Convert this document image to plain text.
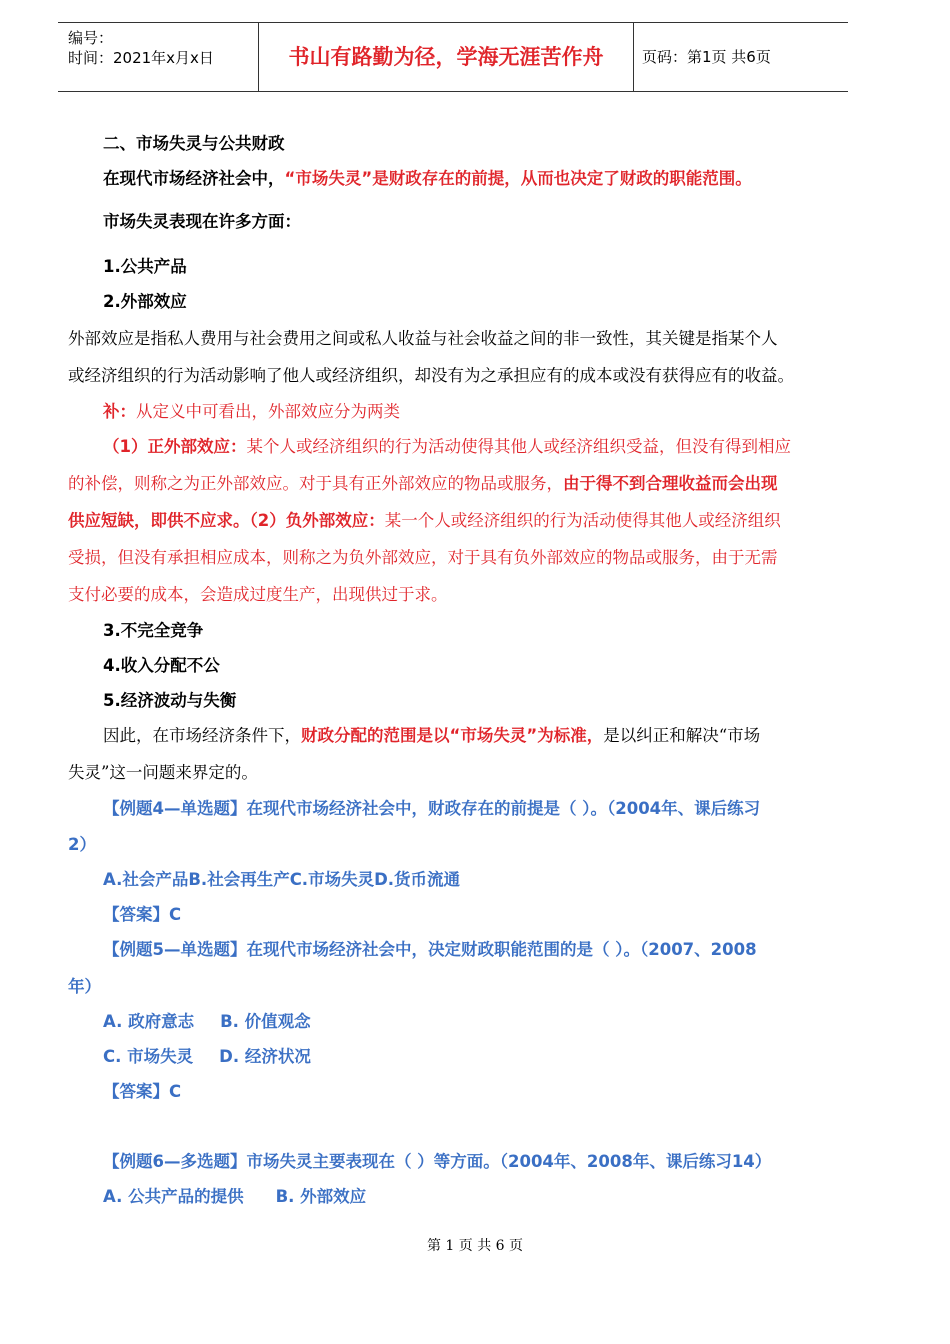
编号：
时间：2021年x月x日	书山有路勤为径，学海无涯苦作舟	页码：第1页 共6页
二、市场失灵与公共财政
在现代市场经济社会中，“市场失灵”是财政存在的前提，从而也决定了财政的职能范围。
市场失灵表现在许多方面：
1.公共产品
2.外部效应
外部效应是指私人费用与社会费用之间或私人收益与社会收益之间的非一致性，其关键是指某个人
或经济组织的行为活动影响了他人或经济组织，却没有为之承担应有的成本或没有获得应有的收益。
补：从定义中可看出，外部效应分为两类
（1）正外部效应：某个人或经济组织的行为活动使得其他人或经济组织受益，但没有得到相应
的补偿，则称之为正外部效应。对于具有正外部效应的物品或服务，由于得不到合理收益而会出现
供应短缺，即供不应求。（2）负外部效应：某一个人或经济组织的行为活动使得其他人或经济组织
受损，但没有承担相应成本，则称之为负外部效应，对于具有负外部效应的物品或服务，由于无需
支付必要的成本，会造成过度生产，出现供过于求。
3.不完全竞争
4.收入分配不公
5.经济波动与失衡
因此，在市场经济条件下，财政分配的范围是以“市场失灵”为标准，是以纠正和解决“市场
失灵”这一问题来界定的。
【例题4—单选题】在现代市场经济社会中，财政存在的前提是（ ）。（2004年、课后练习
2）
A.社会产品B.社会再生产C.市场失灵D.货币流通
【答案】C
【例题5—单选题】在现代市场经济社会中，决定财政职能范围的是（ ）。（2007、2008
年）
A. 政府意志 B. 价值观念
C. 市场失灵 D. 经济状况
【答案】C
【例题6—多选题】市场失灵主要表现在（ ）等方面。（2004年、2008年、课后练习14）
A. 公共产品的提供 B. 外部效应
第 1 页 共 6 页
